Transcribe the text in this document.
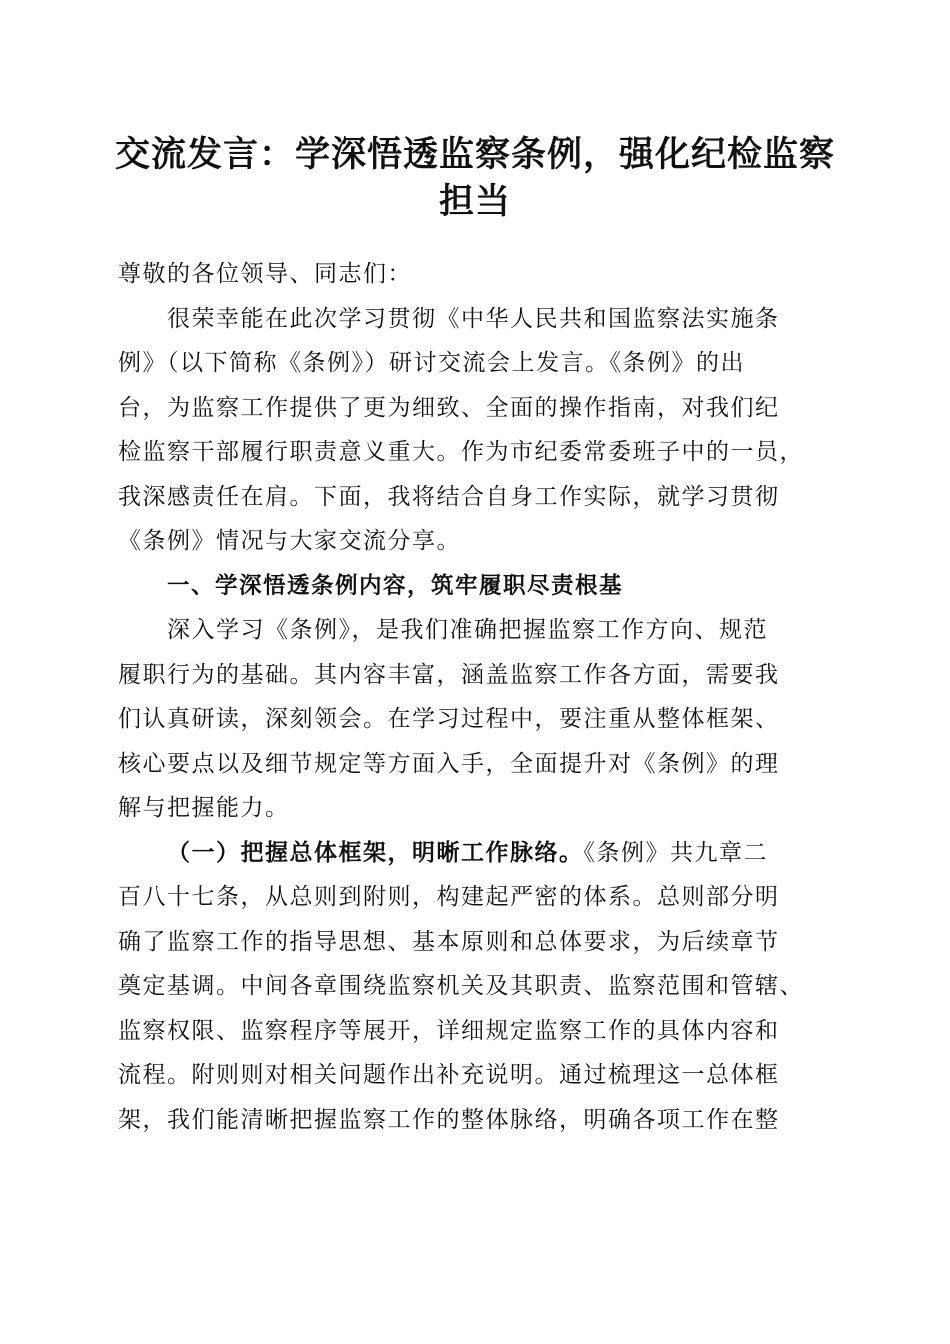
交流发言：学深悟透监察条例，强化纪检监察
担当
尊敬的各位领导、同志们：
很荣幸能在此次学习贯彻《中华人民共和国监察法实施条
例》（以下简称《条例》）研讨交流会上发言。《条例》的出
台，为监察工作提供了更为细致、全面的操作指南，对我们纪
检监察干部履行职责意义重大。作为市纪委常委班子中的一员，
我深感责任在肩。下面，我将结合自身工作实际，就学习贯彻
《条例》情况与大家交流分享。
一、学深悟透条例内容，筑牢履职尽责根基
深入学习《条例》，是我们准确把握监察工作方向、规范
履职行为的基础。其内容丰富，涵盖监察工作各方面，需要我
们认真研读，深刻领会。在学习过程中，要注重从整体框架、
核心要点以及细节规定等方面入手，全面提升对《条例》的理
解与把握能力。
（一）把握总体框架，明晰工作脉络。《条例》共九章二
百八十七条，从总则到附则，构建起严密的体系。总则部分明
确了监察工作的指导思想、基本原则和总体要求，为后续章节
奠定基调。中间各章围绕监察机关及其职责、监察范围和管辖、
监察权限、监察程序等展开，详细规定监察工作的具体内容和
流程。附则则对相关问题作出补充说明。通过梳理这一总体框
架，我们能清晰把握监察工作的整体脉络，明确各项工作在整
